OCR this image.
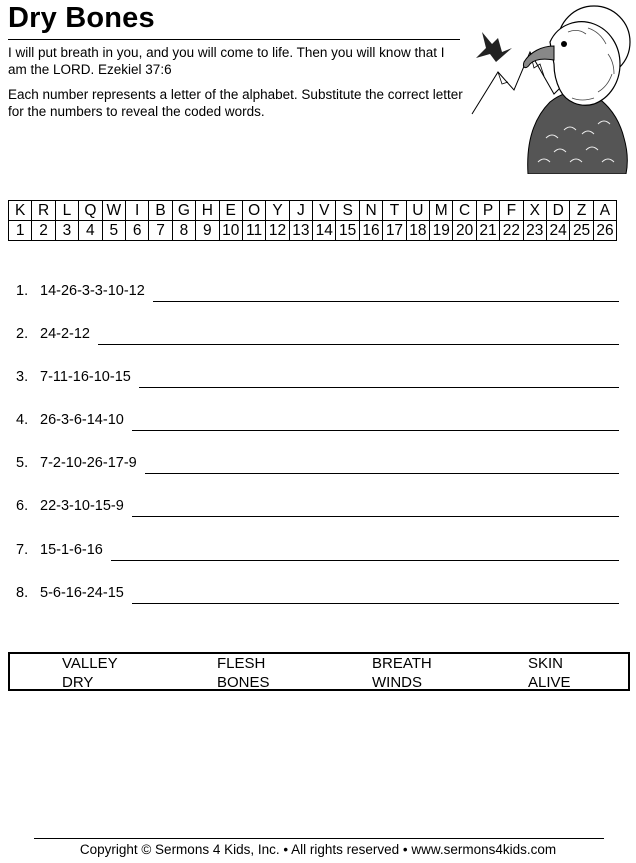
Dry Bones

I will put breath in you, and you will come to life. Then you will know that I am the LORD. Ezekiel 37:6

Each number represents a letter of the alphabet. Substitute the correct letter for the numbers to reveal the coded words.

K	R	L	Q	W	I	B	G	H	E	O	Y	J	V	S	N	T	U	M	C	P	F	X	D	Z	A
1	2	3	4	5	6	7	8	9	10	11	12	13	14	15	16	17	18	19	20	21	22	23	24	25	26
1. 14-26-3-3-10-12
2. 24-2-12
3. 7-11-16-10-15
4. 26-3-6-14-10
5. 7-2-10-26-17-9
6. 22-3-10-15-9
7. 15-1-6-16
8. 5-6-16-24-15
VALLEY	FLESH	BREATH	SKIN
DRY	BONES	WINDS	ALIVE
Copyright © Sermons 4 Kids, Inc. • All rights reserved • www.sermons4kids.com
